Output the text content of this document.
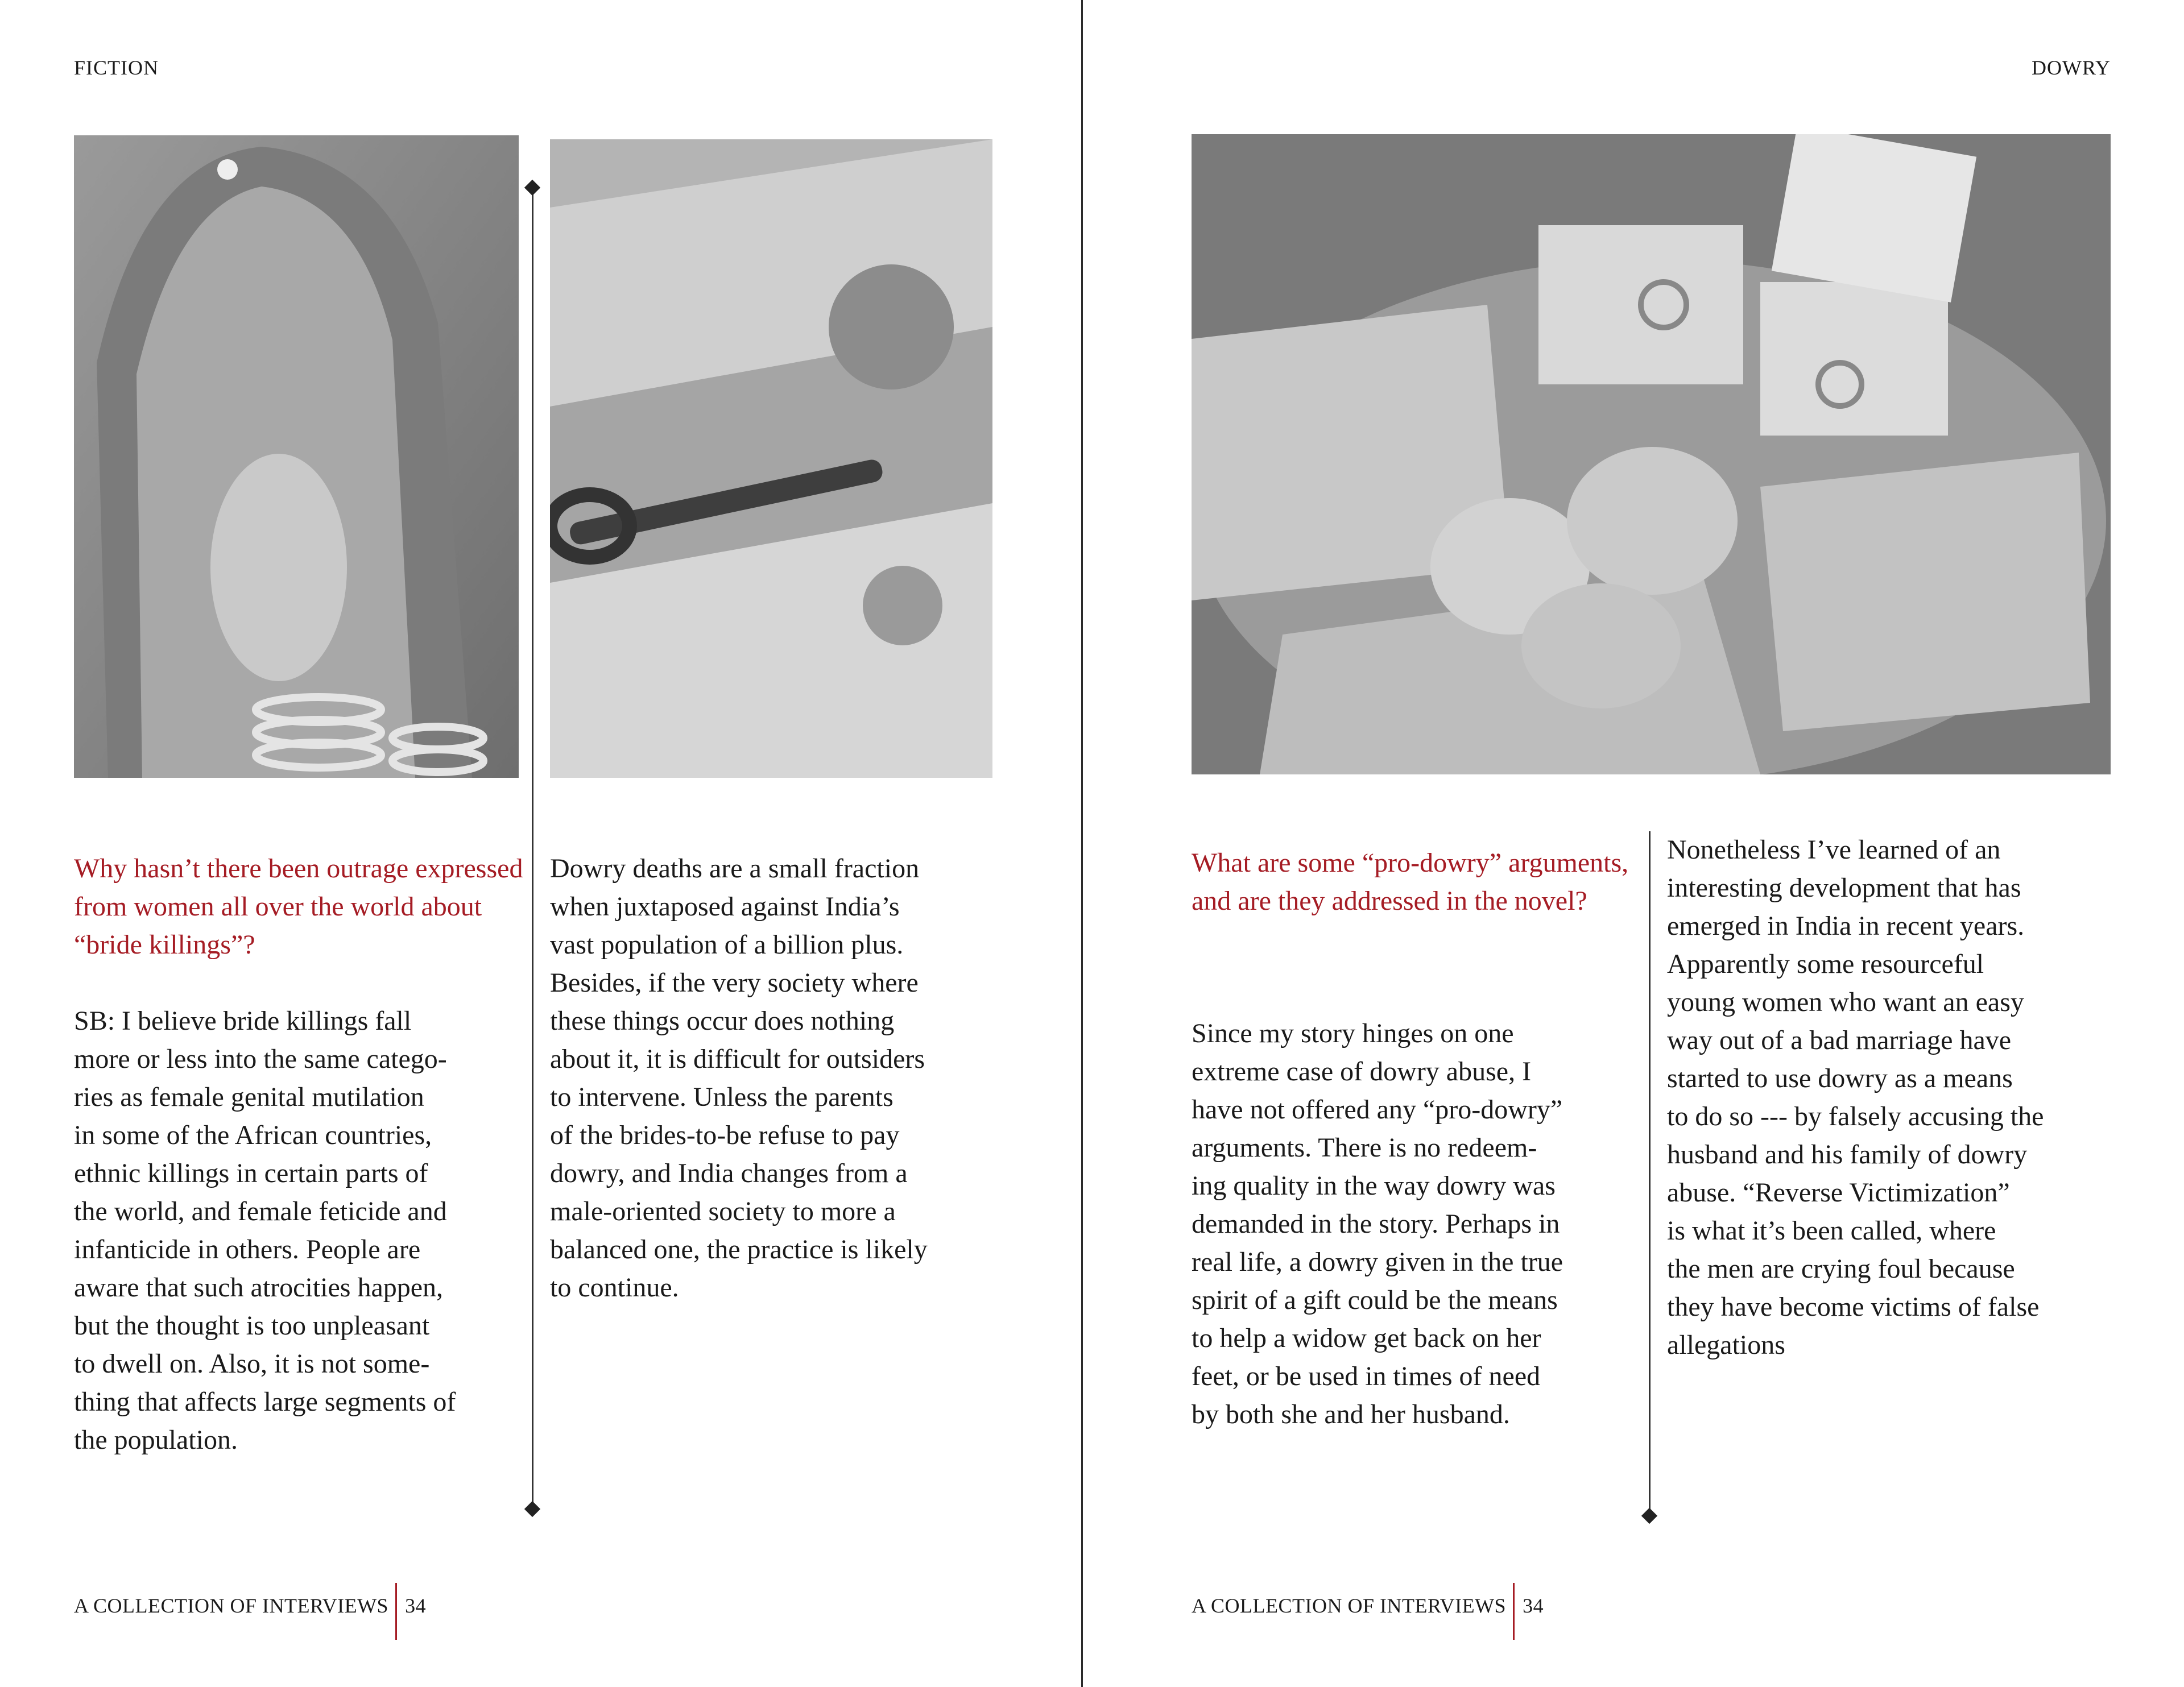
FICTION
Why hasn’t there been outrage expressed from women all over the world about “bride killings”?

SB: I believe bride killings fall
more or less into the same catego-
ries as female genital mutilation
in some of the African countries,
ethnic killings in certain parts of
the world, and female feticide and
infanticide in others. People are
aware that such atrocities happen,
but the thought is too unpleasant
to dwell on. Also, it is not some-
thing that affects large segments of
the population.

Dowry deaths are a small fraction
when juxtaposed against India’s
vast population of a billion plus.
Besides, if the very society where
these things occur does nothing
about it, it is difficult for outsiders
to intervene. Unless the parents
of the brides-to-be refuse to pay
dowry, and India changes from a
male-oriented society to more a
balanced one, the practice is likely
to continue.

A COLLECTION OF INTERVIEWS 34
DOWRY
What are some “pro-dowry” arguments, and are they addressed in the novel?

Since my story hinges on one
extreme case of dowry abuse, I
have not offered any “pro-dowry”
arguments. There is no redeem-
ing quality in the way dowry was
demanded in the story. Perhaps in
real life, a dowry given in the true
spirit of a gift could be the means
to help a widow get back on her
feet, or be used in times of need
by both she and her husband.

Nonetheless I’ve learned of an
interesting development that has
emerged in India in recent years.
Apparently some resourceful
young women who want an easy
way out of a bad marriage have
started to use dowry as a means
to do so --- by falsely accusing the
husband and his family of dowry
abuse. “Reverse Victimization”
is what it’s been called, where
the men are crying foul because
they have become victims of false
allegations

A COLLECTION OF INTERVIEWS 34
